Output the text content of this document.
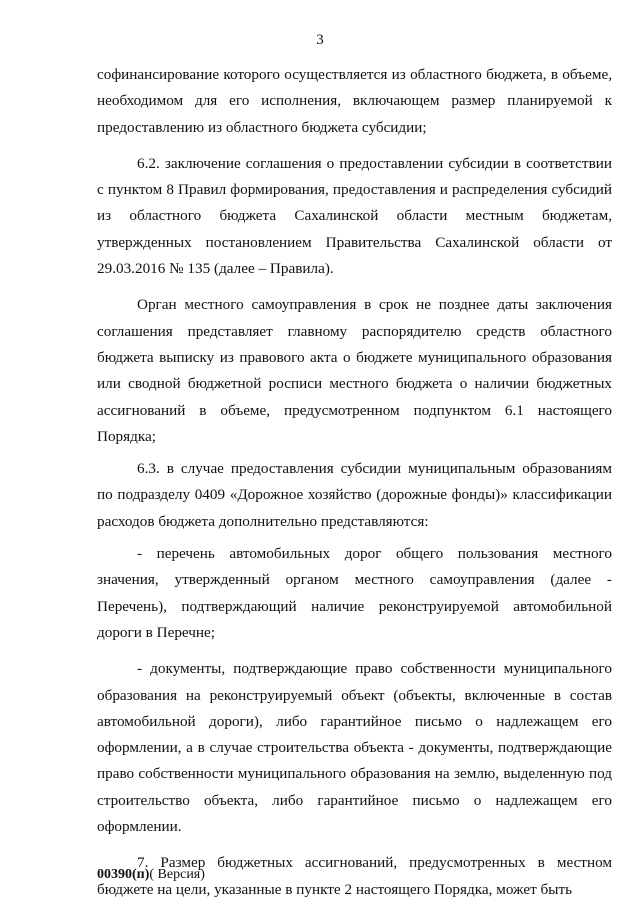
3

софинансирование которого осуществляется из областного бюджета, в объеме, необходимом для его исполнения, включающем размер планируемой к предоставлению из областного бюджета субсидии;

6.2. заключение соглашения о предоставлении субсидии в соответствии с пунктом 8 Правил формирования, предоставления и распределения субсидий из областного бюджета Сахалинской области местным бюджетам, утвержденных постановлением Правительства Сахалинской области от 29.03.2016 № 135 (далее – Правила).

Орган местного самоуправления в срок не позднее даты заключения соглашения представляет главному распорядителю средств областного бюджета выписку из правового акта о бюджете муниципального образования или сводной бюджетной росписи местного бюджета о наличии бюджетных ассигнований в объеме, предусмотренном подпунктом 6.1 настоящего Порядка;

6.3. в случае предоставления субсидии муниципальным образованиям по подразделу 0409 «Дорожное хозяйство (дорожные фонды)» классификации расходов бюджета дополнительно представляются:

- перечень автомобильных дорог общего пользования местного значения, утвержденный органом местного самоуправления (далее - Перечень), подтверждающий наличие реконструируемой автомобильной дороги в Перечне;

- документы, подтверждающие право собственности муниципального образования на реконструируемый объект (объекты, включенные в состав автомобильной дороги), либо гарантийное письмо о надлежащем его оформлении, а в случае строительства объекта - документы, подтверждающие право собственности муниципального образования на землю, выделенную под строительство объекта, либо гарантийное письмо о надлежащем его оформлении.

7. Размер бюджетных ассигнований, предусмотренных в местном бюджете на цели, указанные в пункте 2 настоящего Порядка, может быть

00390(п)( Версия)
